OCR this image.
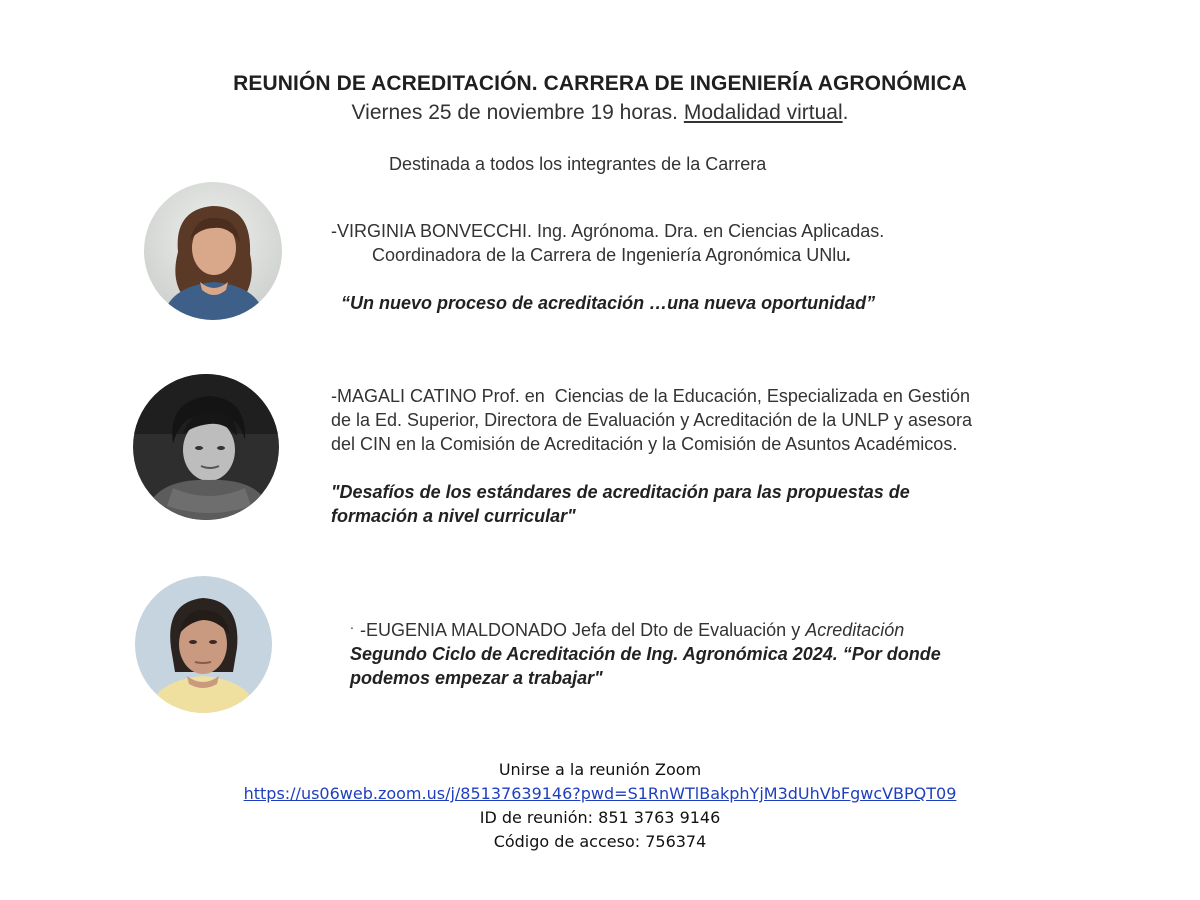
REUNIÓN DE ACREDITACIÓN. CARRERA DE INGENIERÍA AGRONÓMICA
Viernes 25 de noviembre 19 horas. Modalidad virtual.
Destinada a todos los integrantes de la Carrera
-VIRGINIA BONVECCHI. Ing. Agrónoma. Dra. en Ciencias Aplicadas.
Coordinadora de la Carrera de Ingeniería Agronómica UNlu.
“Un nuevo proceso de acreditación …una nueva oportunidad”
-MAGALI CATINO Prof. en  Ciencias de la Educación, Especializada en Gestión
de la Ed. Superior, Directora de Evaluación y Acreditación de la UNLP y asesora
del CIN en la Comisión de Acreditación y la Comisión de Asuntos Académicos.
"Desafíos de los estándares de acreditación para las propuestas de
formación a nivel curricular"

-EUGENIA MALDONADO Jefa del Dto de Evaluación y Acreditación

.
Segundo Ciclo de Acreditación de Ing. Agronómica 2024. “Por donde
podemos empezar a trabajar"
Unirse a la reunión Zoom
https://us06web.zoom.us/j/85137639146?pwd=S1RnWTlBakphYjM3dUhVbFgwcVBPQT09
ID de reunión: 851 3763 9146
Código de acceso: 756374
